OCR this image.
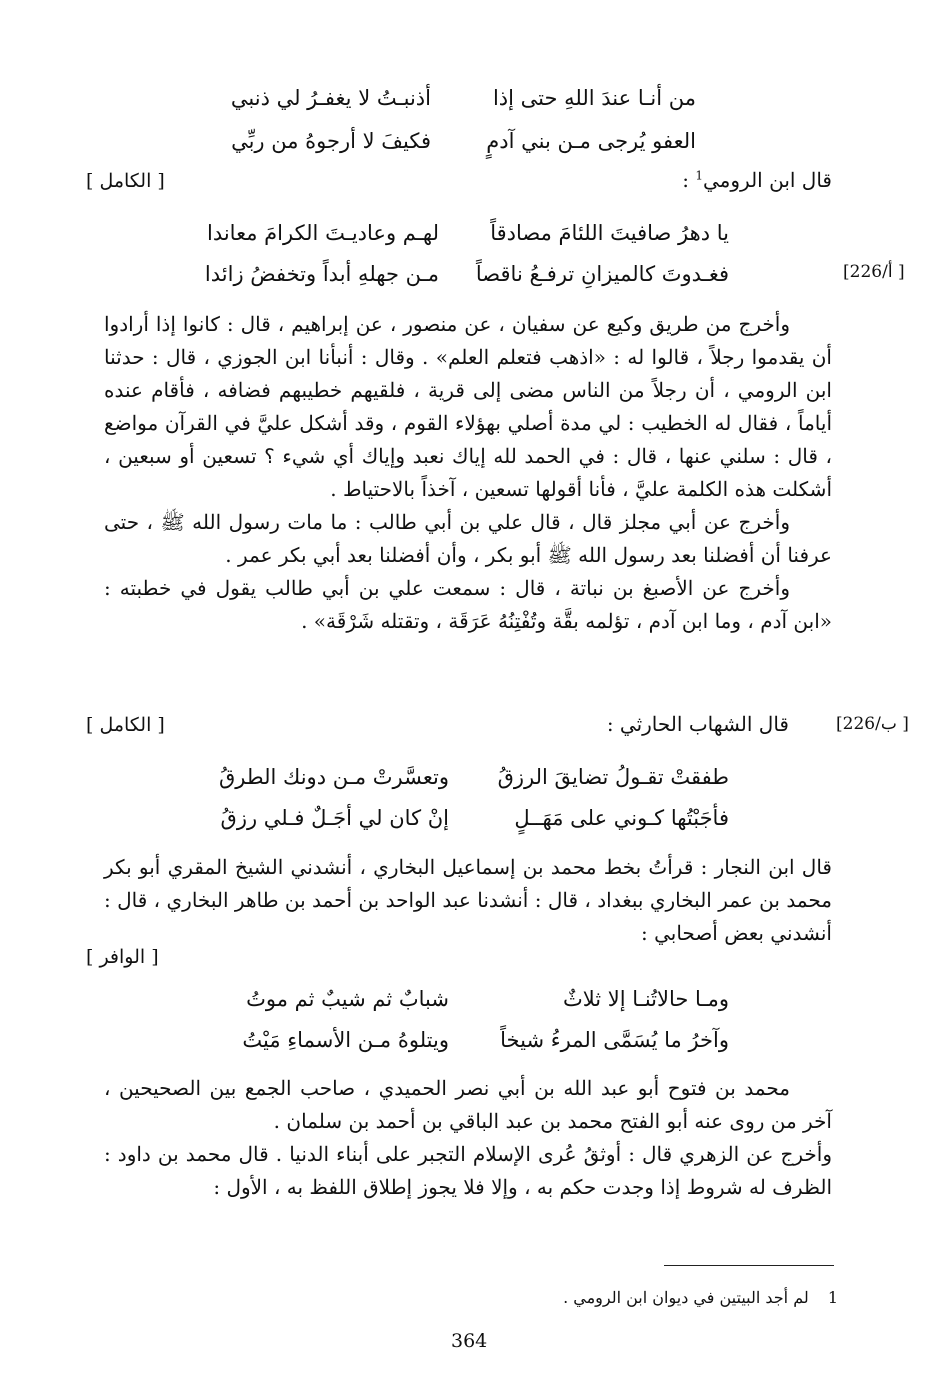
من أنـا عندَ اللهِ حتى إذا
أذنبـتُ لا يغفـرُ لي ذنبي
العفو يُرجى مـن بني آدمٍ
فكيفَ لا أرجوهُ من ربِّي
قال ابن الرومي$^1$ :
[ الكامل ]
يا دهرُ صافيتَ اللئامَ مصادقاً
لهـم وعاديـتَ الكرامَ معاندا
فغـدوتَ كالميزانِ ترفـعُ ناقصاً
مـن جهلهِ أبداً وتخفضُ زائدا	[226/أ ]

وأخرج من طريق وكيع عن سفيان ، عن منصور ، عن إبراهيم ، قال : كانوا إذا أرادوا أن يقدموا رجلاً ، قالوا له : «اذهب فتعلم العلم» . وقال : أنبأنا ابن الجوزي ، قال : حدثنا ابن الرومي ، أن رجلاً من الناس مضى إلى قرية ، فلقيهم خطيبهم فضافه ، فأقام عنده أياماً ، فقال له الخطيب : لي مدة أصلي بهؤلاء القوم ، وقد أشكل عليَّ في القرآن مواضع ، قال : سلني عنها ، قال : في الحمد لله إياك نعبد وإياك أي شيء ؟ تسعين أو سبعين ، أشكلت هذه الكلمة عليَّ ، فأنا أقولها تسعين ، آخذاً بالاحتياط .

وأخرج عن أبي مجلز قال ، قال علي بن أبي طالب : ما مات رسول الله ﷺ ، حتى عرفنا أن أفضلنا بعد رسول الله ﷺ أبو بكر ، وأن أفضلنا بعد أبي بكر عمر .

وأخرج عن الأصبغ بن نباتة ، قال : سمعت علي بن أبي طالب يقول في خطبته : «ابن آدم ، وما ابن آدم ، تؤلمه بقَّة وتُفْتِنُهُ عَرَقَة ، وتقتله شَرْقَة» .

قال الشهاب الحارثي :
[ الكامل ]	[226/ب ]
طفقتْ تقـولُ تضايقَ الرزقُ
وتعسَّرتْ مـن دونك الطرقُ
فأجَبْتُها كـوني على مَهَــلٍ
إنْ كان لي أجَـلٌ فـلي رزقُ

قال ابن النجار : قرأتُ بخط محمد بن إسماعيل البخاري ، أنشدني الشيخ المقري أبو بكر محمد بن عمر البخاري ببغداد ، قال : أنشدنا عبد الواحد بن أحمد بن طاهر البخاري ، قال : أنشدني بعض أصحابي :

[ الوافر ]
ومـا حالاتُنـا إلا ثلاثٌ
شبابٌ ثم شيبٌ ثم موتُ
وآخرُ ما يُسَمَّى المرءُ شيخاً
ويتلوهُ مـن الأسماءِ مَيْتُ

محمد بن فتوح أبو عبد الله بن أبي نصر الحميدي ، صاحب الجمع بين الصحيحين ، آخر من روى عنه أبو الفتح محمد بن عبد الباقي بن أحمد بن سلمان .

وأخرج عن الزهري قال : أوثقُ عُرى الإسلام التجبر على أبناء الدنيا . قال محمد بن داود : الظرف له شروط إذا وجدت حكم به ، وإلا فلا يجوز إطلاق اللفظ به ، الأول :

1 لم أجد البيتين في ديوان ابن الرومي .
364
